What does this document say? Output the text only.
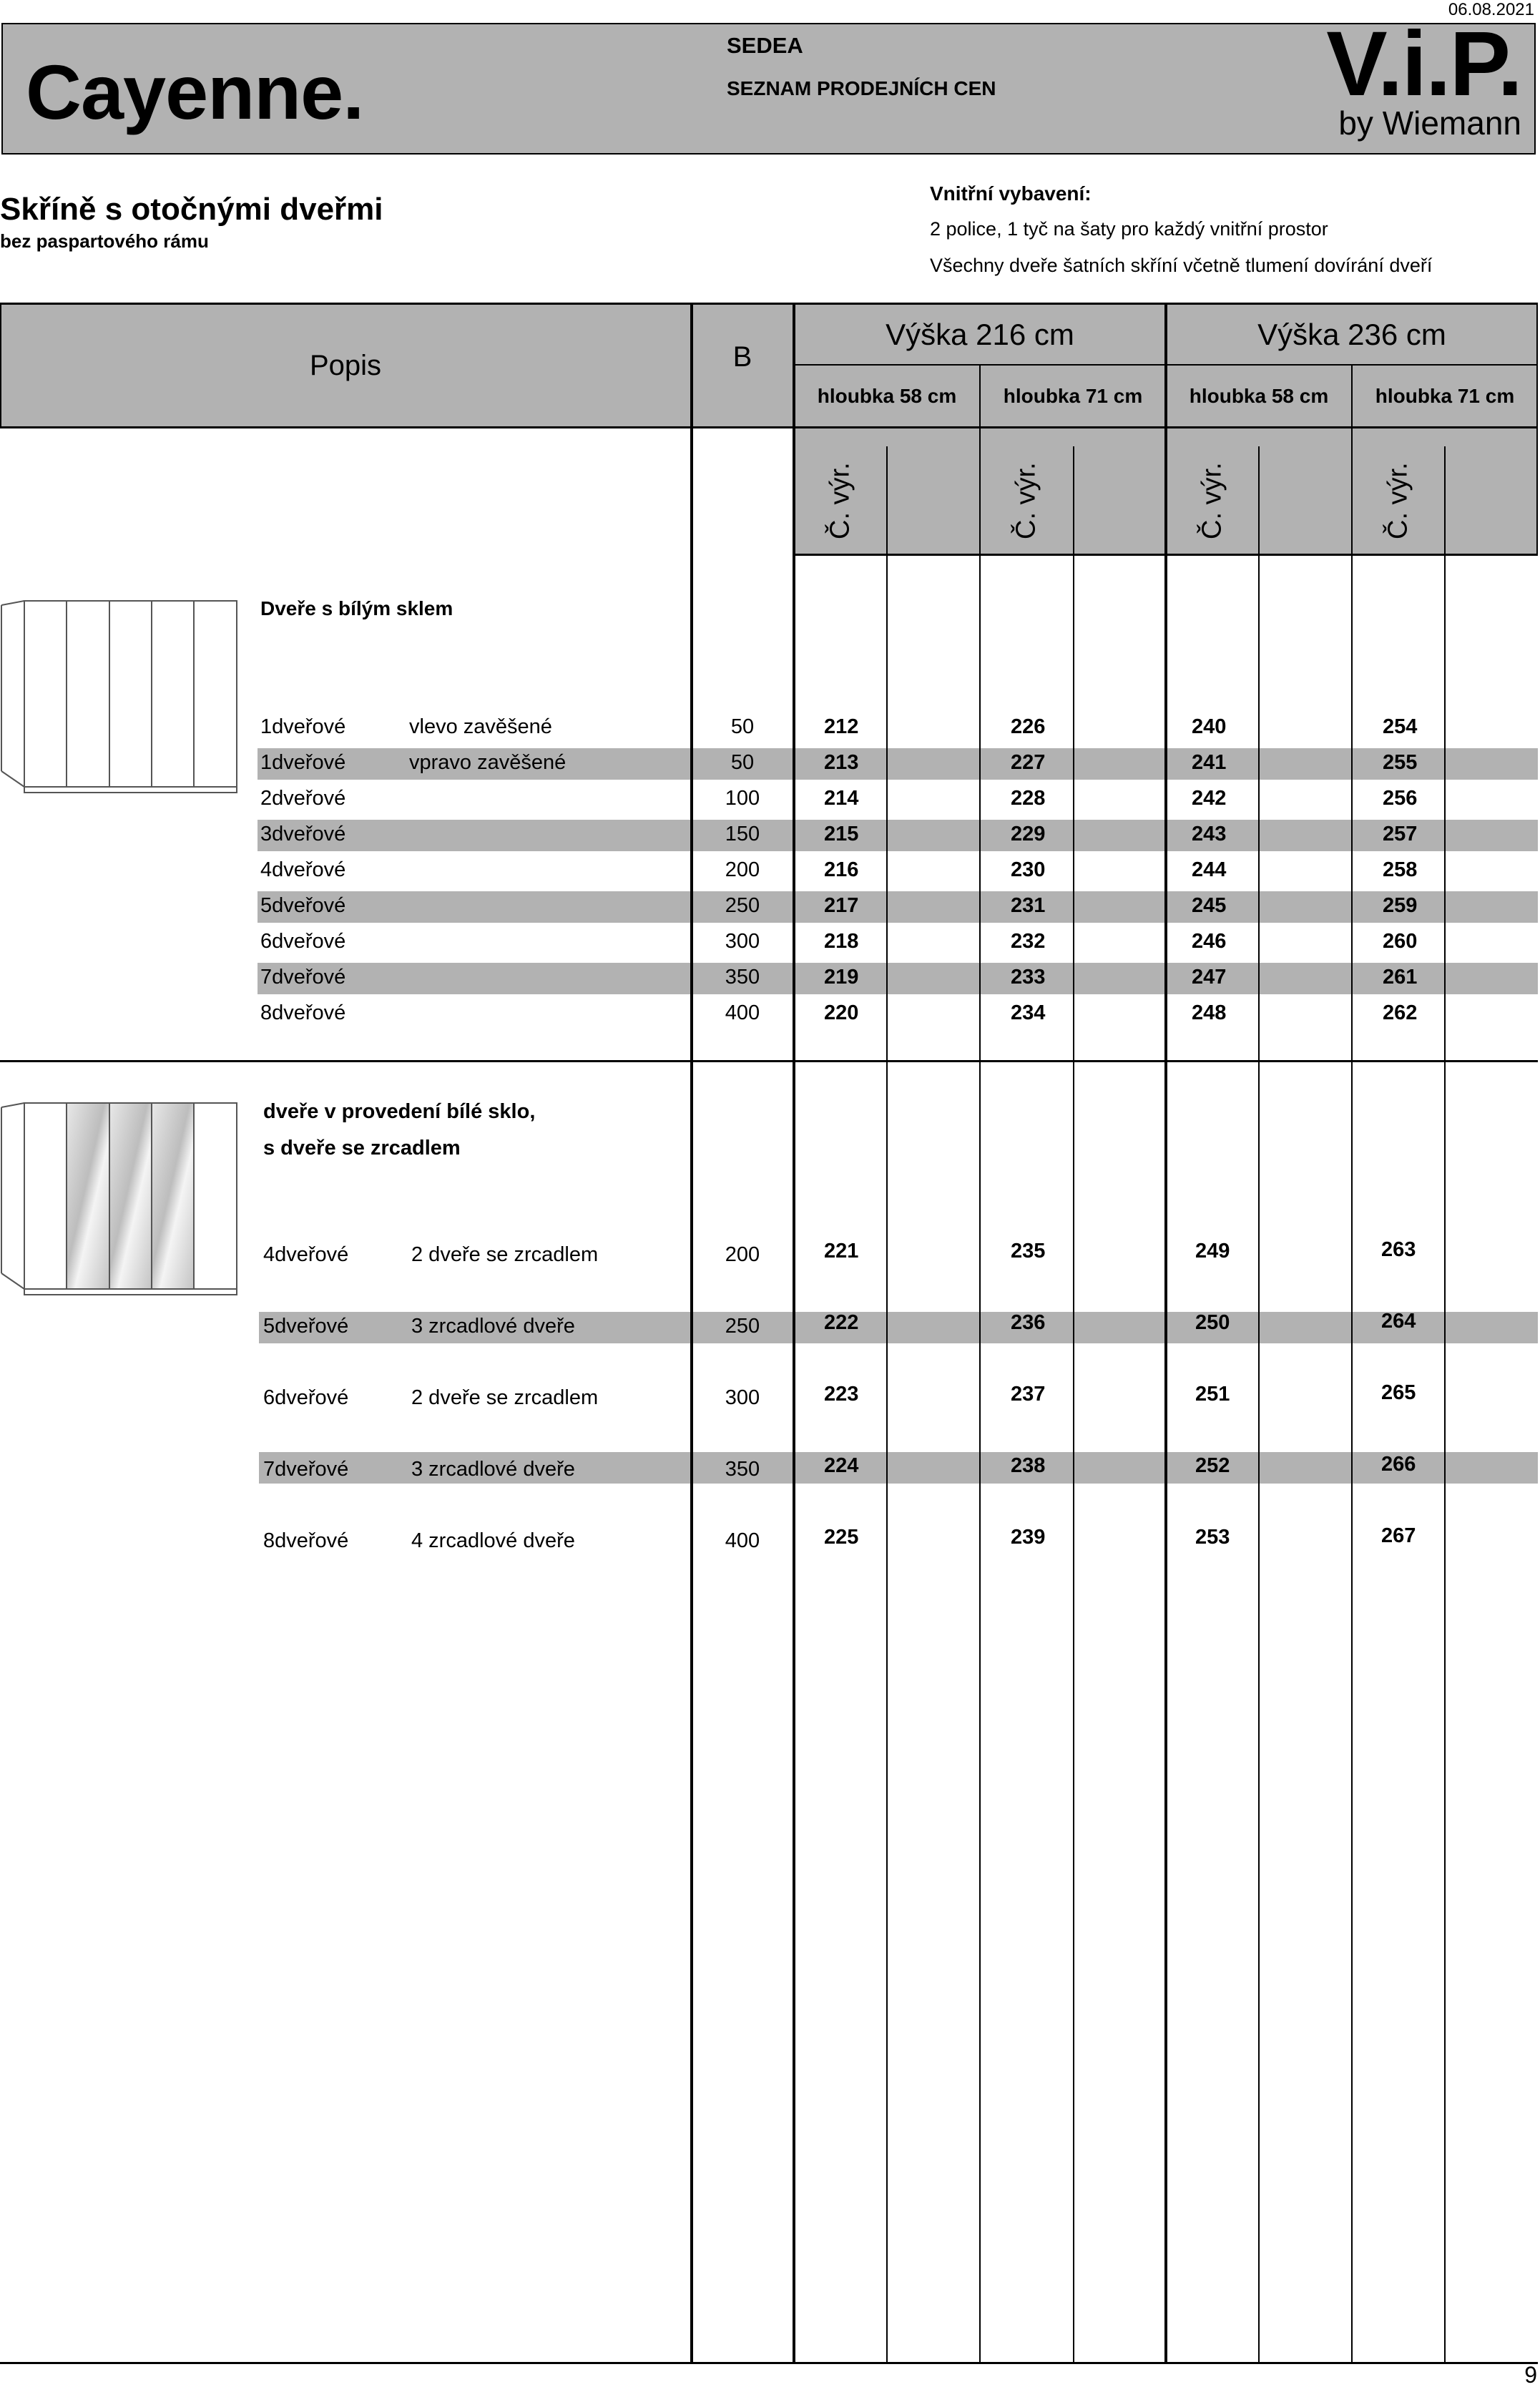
06.08.2021
Cayenne.
SEDEA
SEZNAM PRODEJNÍCH CEN	V.i.P.
by Wiemann
Skříně s otočnými dveřmi
bez paspartového rámu
Vnitřní vybavení:
2 police, 1 tyč na šaty pro každý vnitřní prostor
Všechny dveře šatních skříní včetně tlumení dovírání dveří
Popis	B
Výška 216 cm	Výška 236 cm
hloubka 58 cm	hloubka 71 cm	hloubka 58 cm	hloubka 71 cm
Č. výr.	Č. výr.	Č. výr.	Č. výr.
Dveře s bílým sklem
1dveřové	vlevo zavěšené	50	212	226	240	254
1dveřové	vpravo zavěšené	50	213	227	241	255
2dveřové	100	214	228	242	256
3dveřové	150	215	229	243	257
4dveřové	200	216	230	244	258
5dveřové	250	217	231	245	259
6dveřové	300	218	232	246	260
7dveřové	350	219	233	247	261
8dveřové	400	220	234	248	262
dveře v provedení bílé sklo,
s dveře se zrcadlem
4dveřové	2 dveře se zrcadlem	200	221	235	249	263
5dveřové	3 zrcadlové dveře	250	222	236	250	264
6dveřové	2 dveře se zrcadlem	300	223	237	251	265
7dveřové	3 zrcadlové dveře	350	224	238	252	266
8dveřové	4 zrcadlové dveře	400	225	239	253	267
9
